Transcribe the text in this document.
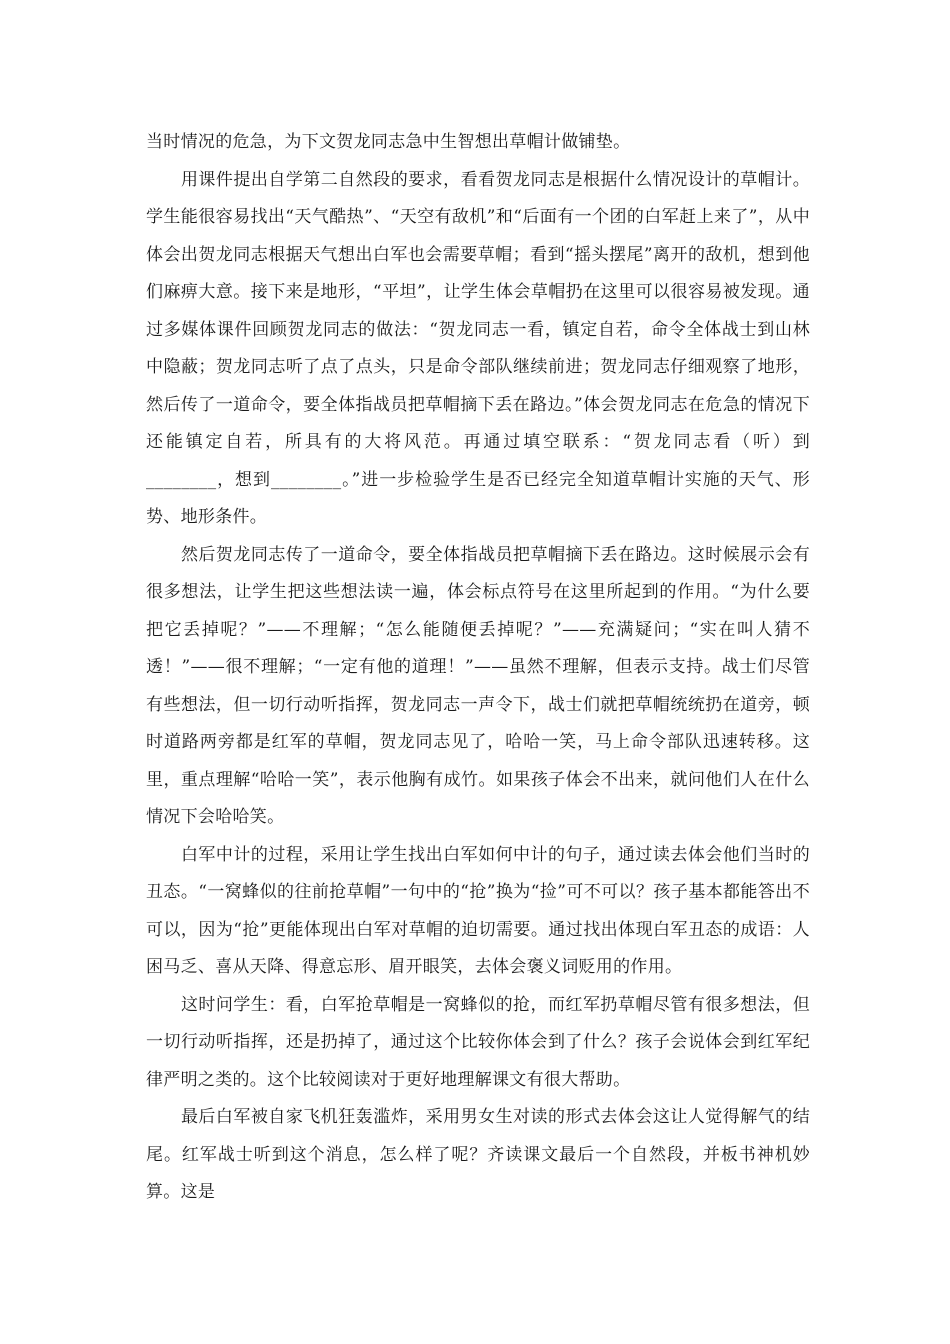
当时情况的危急，为下文贺龙同志急中生智想出草帽计做铺垫。

　　用课件提出自学第二自然段的要求，看看贺龙同志是根据什么情况设计的草帽计。学生能很容易找出“天气酷热”、“天空有敌机”和“后面有一个团的白军赶上来了”，从中体会出贺龙同志根据天气想出白军也会需要草帽；看到“摇头摆尾”离开的敌机，想到他们麻痹大意。接下来是地形，“平坦”，让学生体会草帽扔在这里可以很容易被发现。通过多媒体课件回顾贺龙同志的做法：“贺龙同志一看，镇定自若，命令全体战士到山林中隐蔽；贺龙同志听了点了点头，只是命令部队继续前进；贺龙同志仔细观察了地形，然后传了一道命令，要全体指战员把草帽摘下丢在路边。”体会贺龙同志在危急的情况下还能镇定自若，所具有的大将风范。再通过填空联系：“贺龙同志看（听）到________，想到________。”进一步检验学生是否已经完全知道草帽计实施的天气、形势、地形条件。

　　然后贺龙同志传了一道命令，要全体指战员把草帽摘下丢在路边。这时候展示会有很多想法，让学生把这些想法读一遍，体会标点符号在这里所起到的作用。“为什么要把它丢掉呢？”——不理解；“怎么能随便丢掉呢？”——充满疑问；“实在叫人猜不透！”——很不理解；“一定有他的道理！”——虽然不理解，但表示支持。战士们尽管有些想法，但一切行动听指挥，贺龙同志一声令下，战士们就把草帽统统扔在道旁，顿时道路两旁都是红军的草帽，贺龙同志见了，哈哈一笑，马上命令部队迅速转移。这里，重点理解“哈哈一笑”，表示他胸有成竹。如果孩子体会不出来，就问他们人在什么情况下会哈哈笑。

　　白军中计的过程，采用让学生找出白军如何中计的句子，通过读去体会他们当时的丑态。“一窝蜂似的往前抢草帽”一句中的“抢”换为“捡”可不可以？孩子基本都能答出不可以，因为“抢”更能体现出白军对草帽的迫切需要。通过找出体现白军丑态的成语：人困马乏、喜从天降、得意忘形、眉开眼笑，去体会褒义词贬用的作用。

　　这时问学生：看，白军抢草帽是一窝蜂似的抢，而红军扔草帽尽管有很多想法，但一切行动听指挥，还是扔掉了，通过这个比较你体会到了什么？孩子会说体会到红军纪律严明之类的。这个比较阅读对于更好地理解课文有很大帮助。

　　最后白军被自家飞机狂轰滥炸，采用男女生对读的形式去体会这让人觉得解气的结尾。红军战士听到这个消息，怎么样了呢？齐读课文最后一个自然段，并板书神机妙算。这是
